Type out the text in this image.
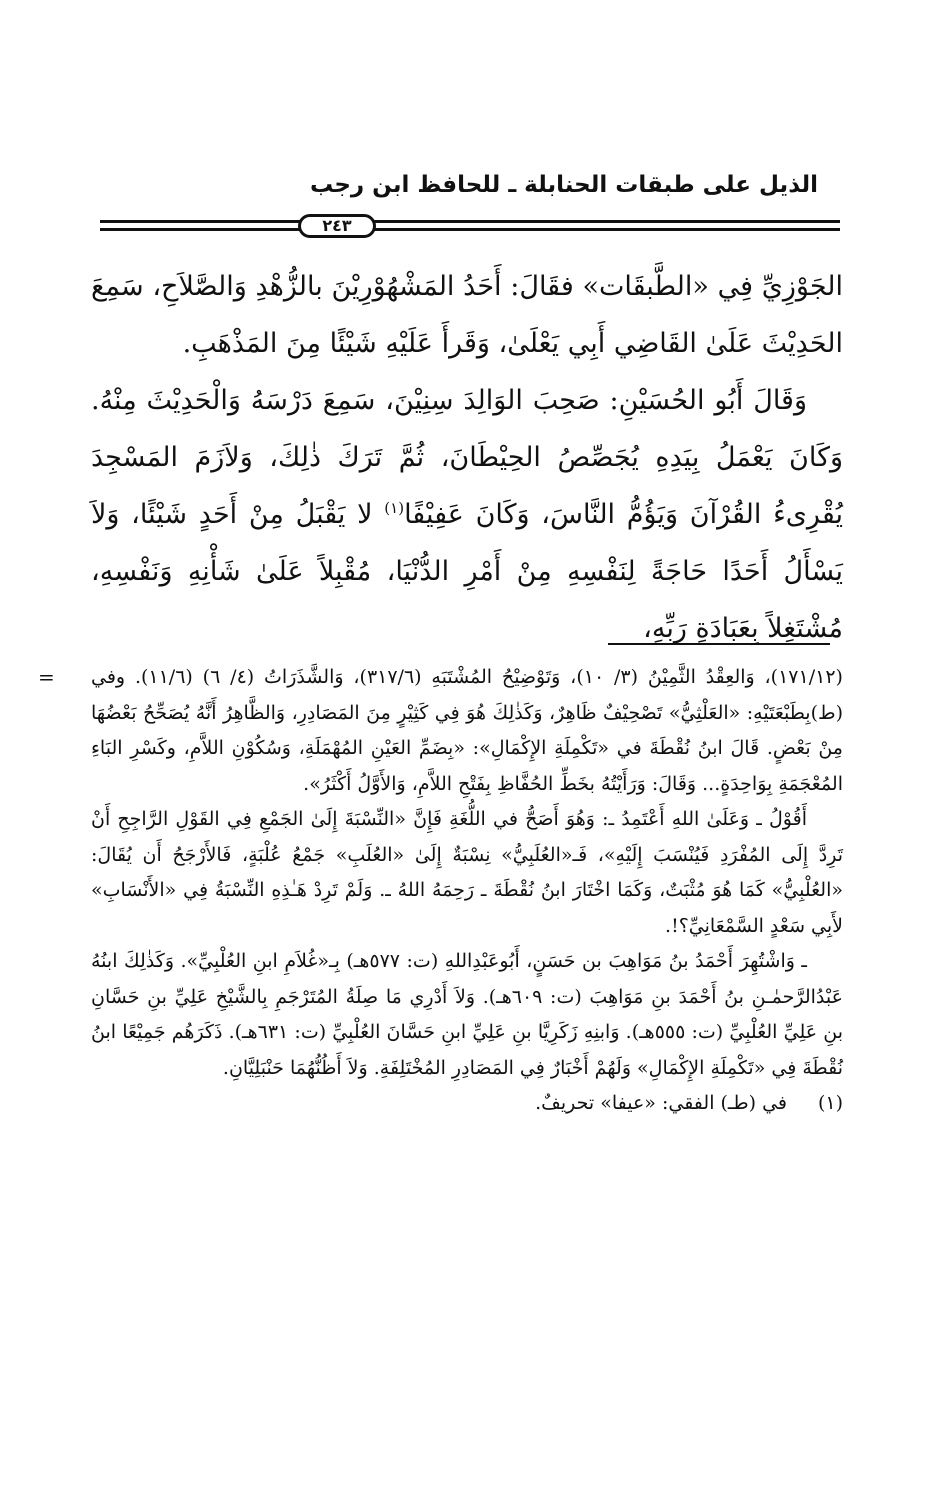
الذيل على طبقات الحنابلة ـ للحافظ ابن رجب
٢٤٣

الجَوْزِيِّ فِي «الطَّبقَات» فقَالَ: أَحَدُ المَشْهُوْرِيْنَ بالزُّهْدِ وَالصَّلاَحِ، سَمِعَ الحَدِيْثَ عَلَىٰ القَاضِي أَبِي يَعْلَىٰ، وَقَرأَ عَلَيْهِ شَيْئًا مِنَ المَذْهَبِ.

وَقَالَ أَبُو الحُسَيْنِ: صَحِبَ الوَالِدَ سِنِيْنَ، سَمِعَ دَرْسَهُ وَالْحَدِيْثَ مِنْهُ. وَكَانَ يَعْمَلُ بِيَدِهِ يُجَصِّصُ الحِيْطَانَ، ثُمَّ تَرَكَ ذٰلِكَ، وَلاَزَمَ المَسْجِدَ يُقْرِىءُ القُرْآنَ وَيَؤُمُّ النَّاسَ، وَكَانَ عَفِيْفًا$^{(١)}$ لا يَقْبَلُ مِنْ أَحَدٍ شَيْئًا، وَلاَ يَسْأَلُ أَحَدًا حَاجَةً لِنَفْسِهِ مِنْ أَمْرِ الدُّنْيَا، مُقْبِلاً عَلَىٰ شَأْنِهِ وَنَفْسِهِ، مُشْتَغِلاً بِعَبَادَةِ رَبِّهِ،

= (١٧١/١٢)، وَالعِقْدُ الثَّمِيْنُ (٣/ ١٠)، وَتَوْضِيْحُ المُشْتَبَهِ (٣١٧/٦)، وَالشَّذَرَاتُ (٤/ ٦) (١١/٦). وفي (ط)بِطَبْعَتَيْهِ: «العَلْثِيُّ» تَصْحِيْفٌ ظَاهِرٌ، وَكَذٰلِكَ هُوَ فِي كَثِيْرٍ مِنَ المَصَادِرِ، وَالظَّاهِرُ أَنَّهُ يُصَحِّحُ بَعْضُهَا مِنْ بَعْضٍ. قَالَ ابنُ نُقْطَةَ في «تَكْمِلَةِ الإِكْمَالِ»: «بِضَمِّ العَيْنِ المُهْمَلَةِ، وَسُكُوْنِ اللاَّمِ، وكَسْرِ البَاءِ المُعْجَمَةِ بِوَاحِدَةٍ... وَقَالَ: وَرَأَيْتُهُ بخَطِّ الحُفَّاظِ بِفَتْحِ اللاَّمِ، وَالأَوَّلُ أَكْثَرُ».

أَقُوْلُ ـ وَعَلَىٰ اللهِ أَعْتَمِدُ ـ: وَهُوَ أَصَحُّ في اللُّغَةِ فَإِنَّ «النِّسْبَةَ إِلَىٰ الجَمْعِ فِي القَوْلِ الرَّاجِحِ أَنْ تَرِدَّ إِلَى المُفْرَدِ فَيُنْسَبَ إِلَيْهِ»، فَـ«العُلَبِيُّ» نِسْبَةٌ إِلَىٰ «العُلَبِ» جَمْعُ عُلْبَةٍ، فَالأَرْجَحُ أَن يُقَالَ: «العُلْبِيُّ» كَمَا هُوَ مُثْبَتٌ، وَكَمَا اخْتَارَ ابنُ نُقْطَةَ ـ رَحِمَهُ اللهُ ـ. وَلَمْ تَرِدْ هَـٰذِهِ النِّسْبَةُ فِي «الأَنْسَابِ» لأَبِي سَعْدٍ السَّمْعَانِيِّ؟!.

ـ وَاشْتُهِرَ أَحْمَدُ بنُ مَوَاهِبَ بن حَسَنٍ، أَبُوعَبْدِاللهِ (ت: ٥٧٧هـ) بِـ«غُلاَمِ ابنِ العُلْبِيِّ». وَكَذٰلِكَ ابنُهُ عَبْدُالرَّحمٰـنِ بنُ أَحْمَدَ بنِ مَوَاهِبَ (ت: ٦٠٩هـ). وَلاَ أَدْرِي مَا صِلَةُ المُتَرْجَمِ بِالشَّيْخِ عَلِيِّ بنِ حَسَّانِ بنِ عَلِيِّ العُلْبِيِّ (ت: ٥٥٥هـ). وَابنِهِ زَكَرِيَّا بنِ عَلِيِّ ابنِ حَسَّانَ العُلْبِيِّ (ت: ٦٣١هـ). ذَكَرَهُم جَمِيْعًا ابنُ نُقْطَةَ فِي «تَكْمِلَةِ الإِكْمَالِ» وَلَهُمْ أَخْبَارٌ فِي المَصَادِرِ المُخْتَلِفَةِ. وَلاَ أَظُنُّهُمَا حَنْبَلِيَّانِ.

(١)في (طـ) الفقي: «عيفا» تحريفٌ.
